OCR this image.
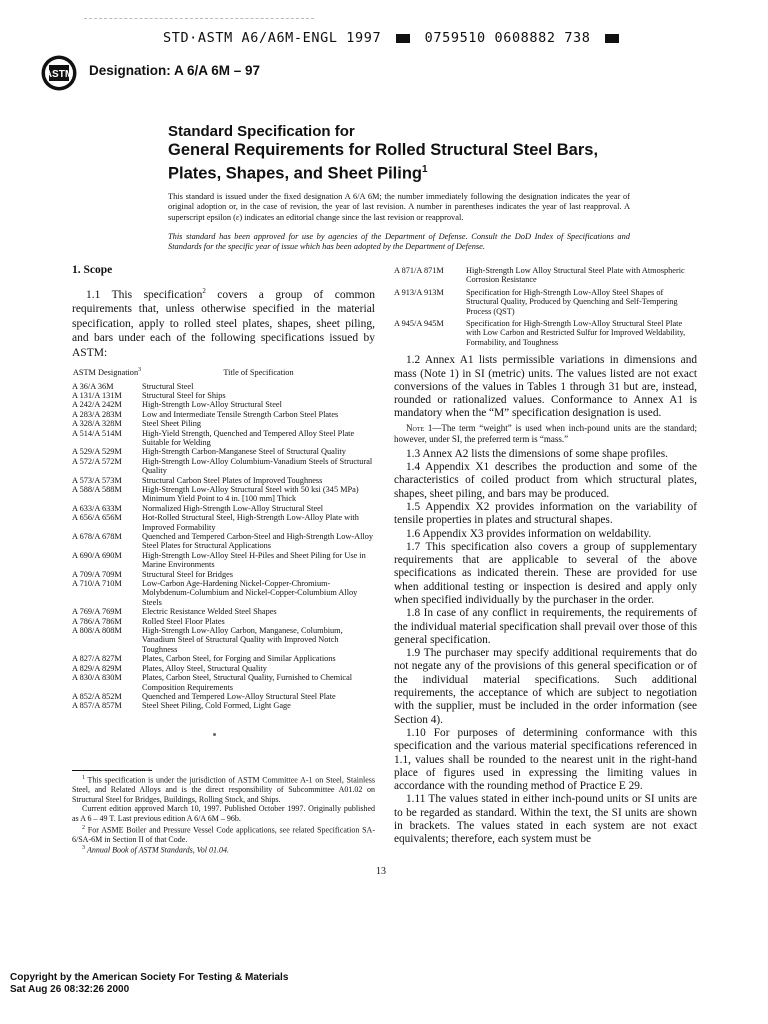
STD·ASTM A6/A6M-ENGL 1997	0759510 0608882 738
ASTM Designation: A 6/A 6M – 97
Standard Specification for
General Requirements for Rolled Structural Steel Bars, Plates, Shapes, and Sheet Piling$^1$
This standard is issued under the fixed designation A 6/A 6M; the number immediately following the designation indicates the year of original adoption or, in the case of revision, the year of last revision. A number in parentheses indicates the year of last reapproval. A superscript epsilon (ε) indicates an editorial change since the last revision or reapproval.
This standard has been approved for use by agencies of the Department of Defense. Consult the DoD Index of Specifications and Standards for the specific year of issue which has been adopted by the Department of Defense.
1. Scope

1.1 This specification$^2$ covers a group of common requirements that, unless otherwise specified in the material specification, apply to rolled steel plates, shapes, sheet piling, and bars under each of the following specifications issued by ASTM:

ASTM Designation$^3$	Title of Specification
A 36/A 36M	Structural Steel
A 131/A 131M	Structural Steel for Ships
A 242/A 242M	High-Strength Low-Alloy Structural Steel
A 283/A 283M	Low and Intermediate Tensile Strength Carbon Steel Plates
A 328/A 328M	Steel Sheet Piling
A 514/A 514M	High-Yield Strength, Quenched and Tempered Alloy Steel Plate Suitable for Welding
A 529/A 529M	High-Strength Carbon-Manganese Steel of Structural Quality
A 572/A 572M	High-Strength Low-Alloy Columbium-Vanadium Steels of Structural Quality
A 573/A 573M	Structural Carbon Steel Plates of Improved Toughness
A 588/A 588M	High-Strength Low-Alloy Structural Steel with 50 ksi (345 MPa) Minimum Yield Point to 4 in. [100 mm] Thick
A 633/A 633M	Normalized High-Strength Low-Alloy Structural Steel
A 656/A 656M	Hot-Rolled Structural Steel, High-Strength Low-Alloy Plate with Improved Formability
A 678/A 678M	Quenched and Tempered Carbon-Steel and High-Strength Low-Alloy Steel Plates for Structural Applications
A 690/A 690M	High-Strength Low-Alloy Steel H-Piles and Sheet Piling for Use in Marine Environments
A 709/A 709M	Structural Steel for Bridges
A 710/A 710M	Low-Carbon Age-Hardening Nickel-Copper-Chromium-Molybdenum-Columbium and Nickel-Copper-Columbium Alloy Steels
A 769/A 769M	Electric Resistance Welded Steel Shapes
A 786/A 786M	Rolled Steel Floor Plates
A 808/A 808M	High-Strength Low-Alloy Carbon, Manganese, Columbium, Vanadium Steel of Structural Quality with Improved Notch Toughness
A 827/A 827M	Plates, Carbon Steel, for Forging and Similar Applications
A 829/A 829M	Plates, Alloy Steel, Structural Quality
A 830/A 830M	Plates, Carbon Steel, Structural Quality, Furnished to Chemical Composition Requirements
A 852/A 852M	Quenched and Tempered Low-Alloy Structural Steel Plate
A 857/A 857M	Steel Sheet Piling, Cold Formed, Light Gage

$^1$ This specification is under the jurisdiction of ASTM Committee A-1 on Steel, Stainless Steel, and Related Alloys and is the direct responsibility of Subcommittee A01.02 on Structural Steel for Bridges, Buildings, Rolling Stock, and Ships.

Current edition approved March 10, 1997. Published October 1997. Originally published as A 6 – 49 T. Last previous edition A 6/A 6M – 96b.

$^2$ For ASME Boiler and Pressure Vessel Code applications, see related Specification SA-6/SA-6M in Section II of that Code.

$^3$ Annual Book of ASTM Standards, Vol 01.04.

A 871/A 871M	High-Strength Low Alloy Structural Steel Plate with Atmospheric Corrosion Resistance
A 913/A 913M	Specification for High-Strength Low-Alloy Steel Shapes of Structural Quality, Produced by Quenching and Self-Tempering Process (QST)
A 945/A 945M	Specification for High-Strength Low-Alloy Structural Steel Plate with Low Carbon and Restricted Sulfur for Improved Weldability, Formability, and Toughness

1.2 Annex A1 lists permissible variations in dimensions and mass (Note 1) in SI (metric) units. The values listed are not exact conversions of the values in Tables 1 through 31 but are, instead, rounded or rationalized values. Conformance to Annex A1 is mandatory when the “M” specification designation is used.

Note 1—The term “weight” is used when inch-pound units are the standard; however, under SI, the preferred term is “mass.”

1.3 Annex A2 lists the dimensions of some shape profiles.

1.4 Appendix X1 describes the production and some of the characteristics of coiled product from which structural plates, shapes, sheet piling, and bars may be produced.

1.5 Appendix X2 provides information on the variability of tensile properties in plates and structural shapes.

1.6 Appendix X3 provides information on weldability.

1.7 This specification also covers a group of supplementary requirements that are applicable to several of the above specifications as indicated therein. These are provided for use when additional testing or inspection is desired and apply only when specified individually by the purchaser in the order.

1.8 In case of any conflict in requirements, the requirements of the individual material specification shall prevail over those of this general specification.

1.9 The purchaser may specify additional requirements that do not negate any of the provisions of this general specification or of the individual material specifications. Such additional requirements, the acceptance of which are subject to negotiation with the supplier, must be included in the order information (see Section 4).

1.10 For purposes of determining conformance with this specification and the various material specifications referenced in 1.1, values shall be rounded to the nearest unit in the right-hand place of figures used in expressing the limiting values in accordance with the rounding method of Practice E 29.

1.11 The values stated in either inch-pound units or SI units are to be regarded as standard. Within the text, the SI units are shown in brackets. The values stated in each system are not exact equivalents; therefore, each system must be

13
Copyright by the American Society For Testing & Materials
Sat Aug 26 08:32:26 2000
